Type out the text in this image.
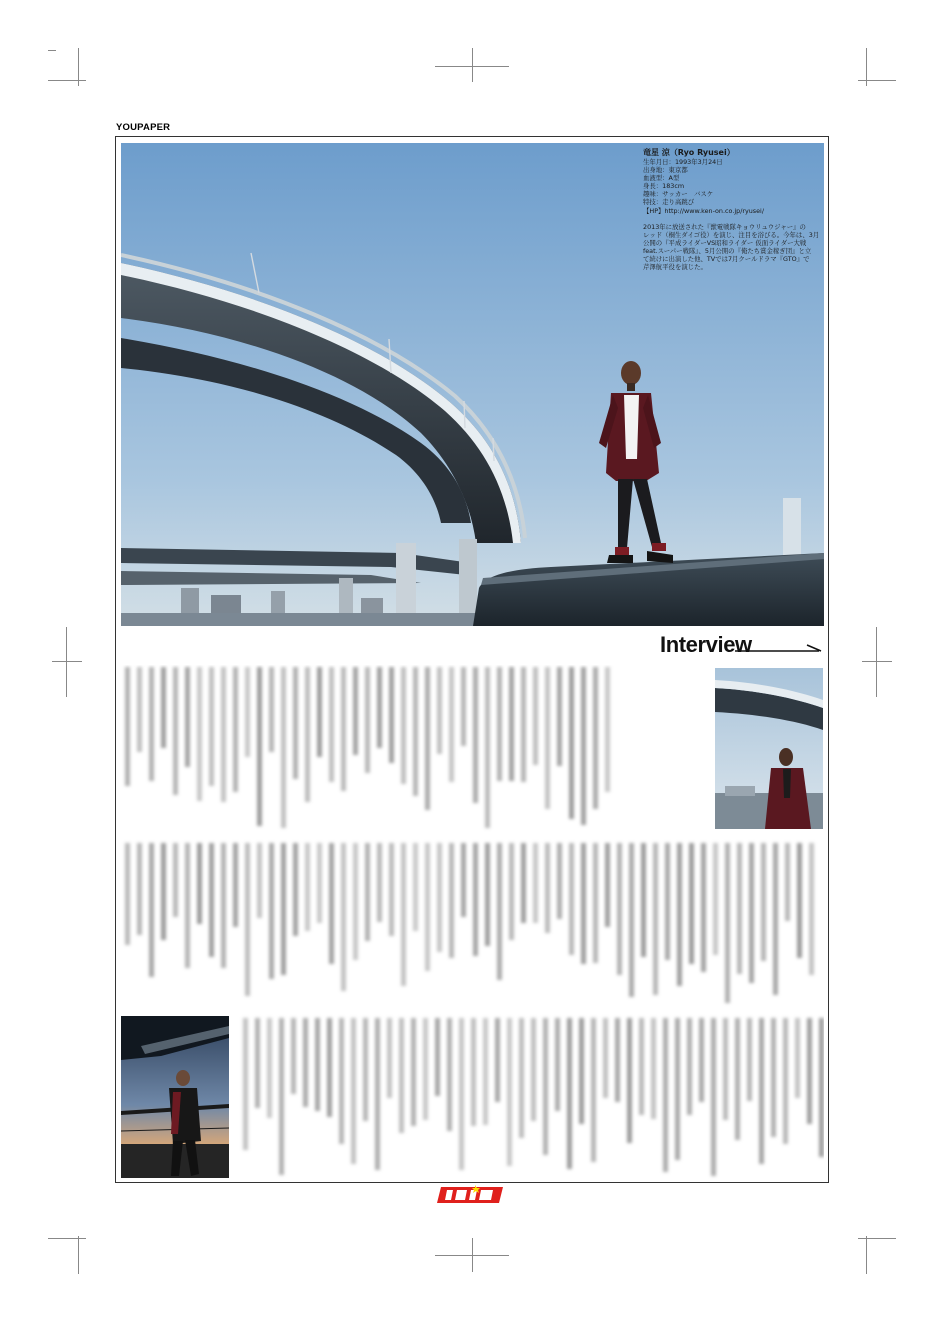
YOUPAPER
竜星 涼（Ryo Ryusei）
生年月日：1993年3月24日
出身地：東京都
血液型：A型
身長：183cm
趣味：サッカー　バスケ
特技：走り高跳び
【HP】http://www.ken-on.co.jp/ryusei/
2013年に放送された『獣電戦隊キョウリュウジャー』の
レッド（桐生ダイゴ役）を演じ、注目を浴びる。今年は、3月
公開の『平成ライダーVS昭和ライダー 仮面ライダー大戦
feat.スーパー戦隊』、5月公開の『俺たち賞金稼ぎ団』と立
て続けに出演した他、TVでは7月クールドラマ『GTO』で
芹澤航平役を演じた。
Interview
